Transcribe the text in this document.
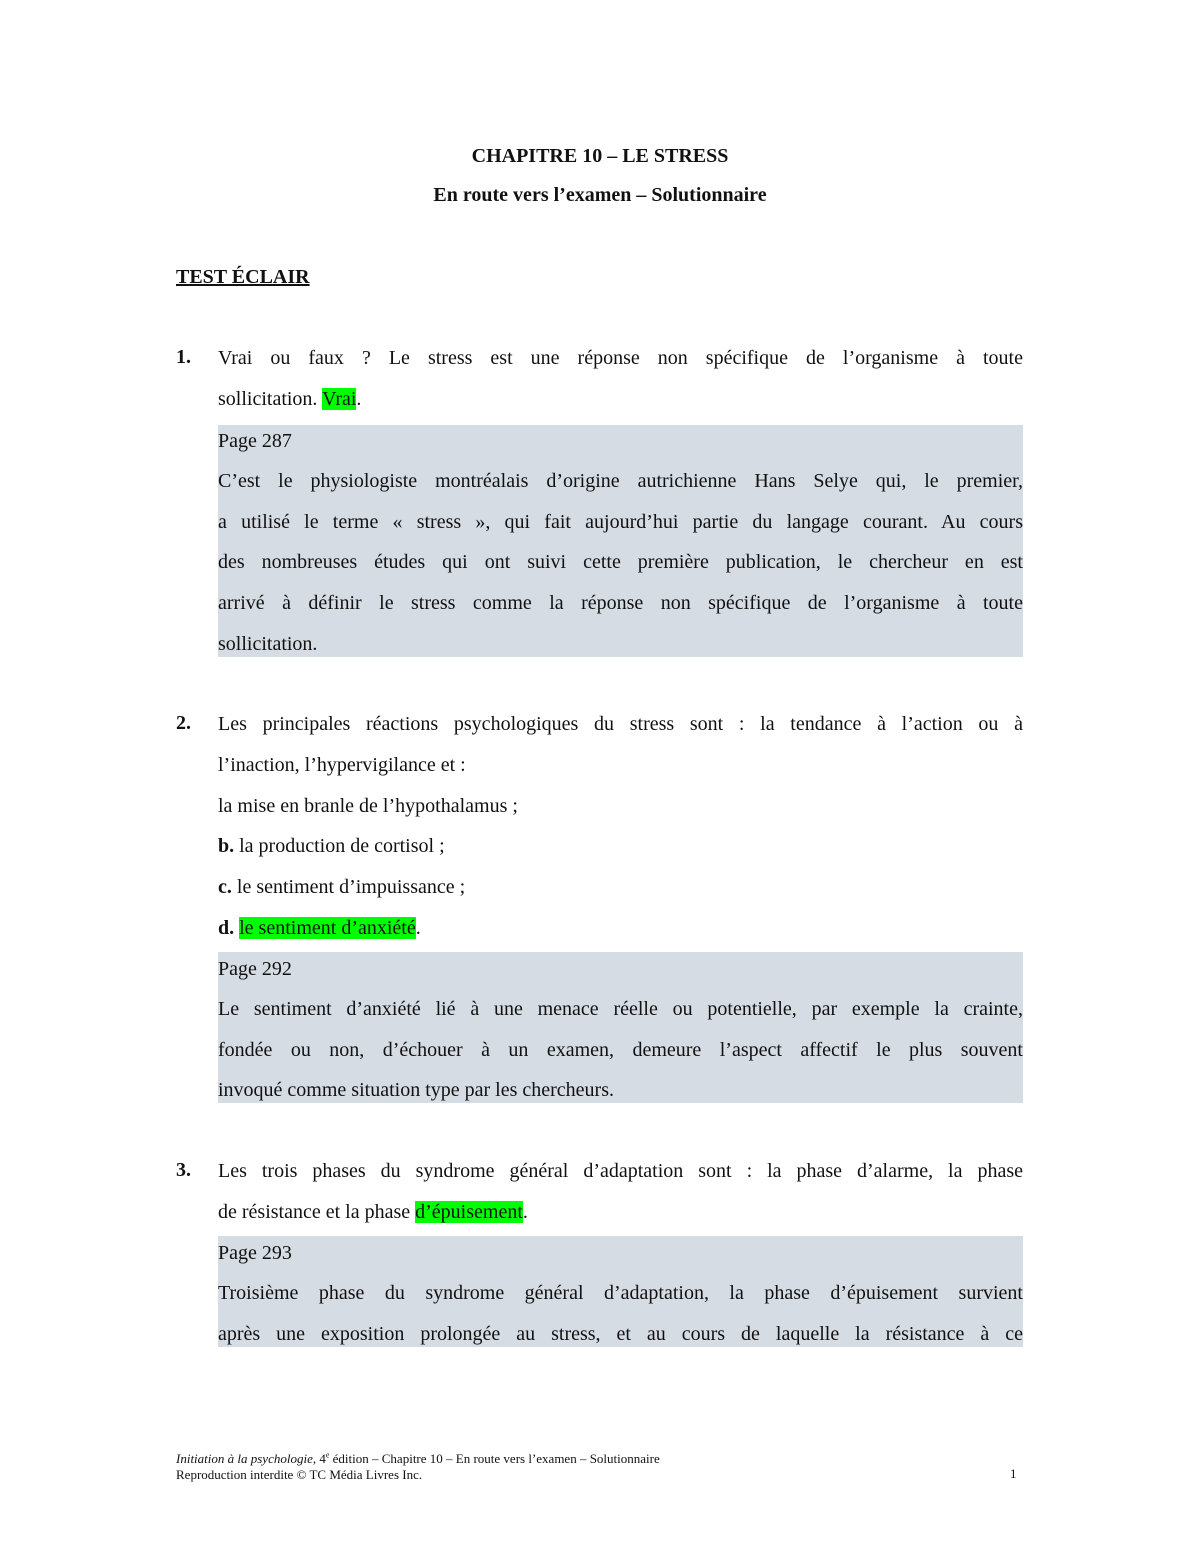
CHAPITRE 10 – LE STRESS
En route vers l’examen – Solutionnaire
TEST ÉCLAIR
1. Vrai ou faux ? Le stress est une réponse non spécifique de l’organisme à toute
sollicitation. Vrai.
Page 287
C’est le physiologiste montréalais d’origine autrichienne Hans Selye qui, le premier,
a utilisé le terme « stress », qui fait aujourd’hui partie du langage courant. Au cours
des nombreuses études qui ont suivi cette première publication, le chercheur en est
arrivé à définir le stress comme la réponse non spécifique de l’organisme à toute
sollicitation.
2. Les principales réactions psychologiques du stress sont : la tendance à l’action ou à
l’inaction, l’hypervigilance et :
la mise en branle de l’hypothalamus ;
b. la production de cortisol ;
c. le sentiment d’impuissance ;
d. le sentiment d’anxiété.
Page 292
Le sentiment d’anxiété lié à une menace réelle ou potentielle, par exemple la crainte,
fondée ou non, d’échouer à un examen, demeure l’aspect affectif le plus souvent
invoqué comme situation type par les chercheurs.
3. Les trois phases du syndrome général d’adaptation sont : la phase d’alarme, la phase
de résistance et la phase d’épuisement.
Page 293
Troisième phase du syndrome général d’adaptation, la phase d’épuisement survient
après une exposition prolongée au stress, et au cours de laquelle la résistance à ce
Initiation à la psychologie, 4e édition – Chapitre 10 – En route vers l’examen – Solutionnaire
Reproduction interdite © TC Média Livres Inc.	1
